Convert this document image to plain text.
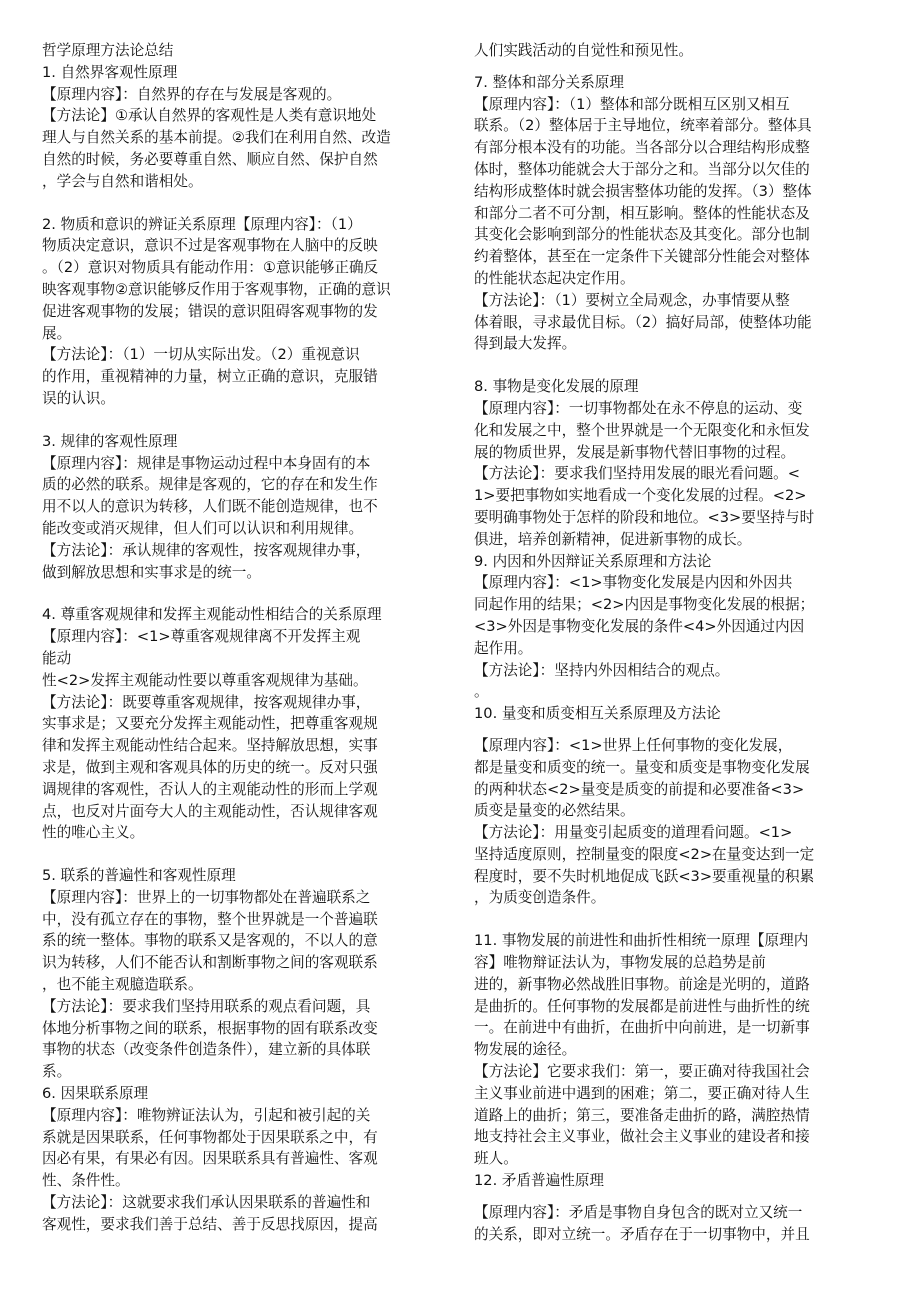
哲学原理方法论总结
1. 自然界客观性原理
【原理内容】：自然界的存在与发展是客观的。
【方法论】①承认自然界的客观性是人类有意识地处
理人与自然关系的基本前提。②我们在利用自然、改造
自然的时候，务必要尊重自然、顺应自然、保护自然
，学会与自然和谐相处。
2. 物质和意识的辨证关系原理【原理内容】：（1）
物质决定意识，意识不过是客观事物在人脑中的反映
。（2）意识对物质具有能动作用：①意识能够正确反
映客观事物②意识能够反作用于客观事物，正确的意识
促进客观事物的发展；错误的意识阻碍客观事物的发
展。
【方法论】：（1）一切从实际出发。（2）重视意识
的作用，重视精神的力量，树立正确的意识，克服错
误的认识。
3. 规律的客观性原理
【原理内容】：规律是事物运动过程中本身固有的本
质的必然的联系。规律是客观的，它的存在和发生作
用不以人的意识为转移，人们既不能创造规律，也不
能改变或消灭规律，但人们可以认识和利用规律。
【方法论】：承认规律的客观性，按客观规律办事，
做到解放思想和实事求是的统一。
4. 尊重客观规律和发挥主观能动性相结合的关系原理
【原理内容】：<1>尊重客观规律离不开发挥主观
能动
性<2>发挥主观能动性要以尊重客观规律为基础。
【方法论】：既要尊重客观规律，按客观规律办事，
实事求是；又要充分发挥主观能动性，把尊重客观规
律和发挥主观能动性结合起来。坚持解放思想，实事
求是，做到主观和客观具体的历史的统一。反对只强
调规律的客观性，否认人的主观能动性的形而上学观
点，也反对片面夸大人的主观能动性，否认规律客观
性的唯心主义。
5. 联系的普遍性和客观性原理
【原理内容】：世界上的一切事物都处在普遍联系之
中，没有孤立存在的事物，整个世界就是一个普遍联
系的统一整体。事物的联系又是客观的，不以人的意
识为转移，人们不能否认和割断事物之间的客观联系
，也不能主观臆造联系。
【方法论】：要求我们坚持用联系的观点看问题，具
体地分析事物之间的联系，根据事物的固有联系改变
事物的状态（改变条件创造条件），建立新的具体联
系。
6. 因果联系原理
【原理内容】：唯物辨证法认为，引起和被引起的关
系就是因果联系，任何事物都处于因果联系之中，有
因必有果，有果必有因。因果联系具有普遍性、客观
性、条件性。
【方法论】：这就要求我们承认因果联系的普遍性和
客观性，要求我们善于总结、善于反思找原因，提高
人们实践活动的自觉性和预见性。
7. 整体和部分关系原理
【原理内容】：（1）整体和部分既相互区别又相互
联系。（2）整体居于主导地位，统率着部分。整体具
有部分根本没有的功能。当各部分以合理结构形成整
体时，整体功能就会大于部分之和。当部分以欠佳的
结构形成整体时就会损害整体功能的发挥。（3）整体
和部分二者不可分割，相互影响。整体的性能状态及
其变化会影响到部分的性能状态及其变化。部分也制
约着整体，甚至在一定条件下关键部分性能会对整体
的性能状态起决定作用。
【方法论】：（1）要树立全局观念，办事情要从整
体着眼，寻求最优目标。（2）搞好局部，使整体功能
得到最大发挥。
8. 事物是变化发展的原理
【原理内容】：一切事物都处在永不停息的运动、变
化和发展之中，整个世界就是一个无限变化和永恒发
展的物质世界，发展是新事物代替旧事物的过程。
【方法论】：要求我们坚持用发展的眼光看问题。<
1>要把事物如实地看成一个变化发展的过程。<2>
要明确事物处于怎样的阶段和地位。<3>要坚持与时
俱进，培养创新精神，促进新事物的成长。
9. 内因和外因辩证关系原理和方法论
【原理内容】：<1>事物变化发展是内因和外因共
同起作用的结果；<2>内因是事物变化发展的根据；
<3>外因是事物变化发展的条件<4>外因通过内因
起作用。
【方法论】：坚持内外因相结合的观点。
。
10. 量变和质变相互关系原理及方法论
【原理内容】：<1>世界上任何事物的变化发展，
都是量变和质变的统一。量变和质变是事物变化发展
的两种状态<2>量变是质变的前提和必要准备<3>
质变是量变的必然结果。
【方法论】：用量变引起质变的道理看问题。<1>
坚持适度原则，控制量变的限度<2>在量变达到一定
程度时，要不失时机地促成飞跃<3>要重视量的积累
，为质变创造条件。
11. 事物发展的前进性和曲折性相统一原理【原理内
容】唯物辩证法认为，事物发展的总趋势是前
进的，新事物必然战胜旧事物。前途是光明的，道路
是曲折的。任何事物的发展都是前进性与曲折性的统
一。在前进中有曲折，在曲折中向前进，是一切新事
物发展的途径。
【方法论】它要求我们：第一，要正确对待我国社会
主义事业前进中遇到的困难；第二，要正确对待人生
道路上的曲折；第三，要准备走曲折的路，满腔热情
地支持社会主义事业，做社会主义事业的建设者和接
班人。
12. 矛盾普遍性原理
【原理内容】：矛盾是事物自身包含的既对立又统一
的关系，即对立统一。矛盾存在于一切事物中，并且
